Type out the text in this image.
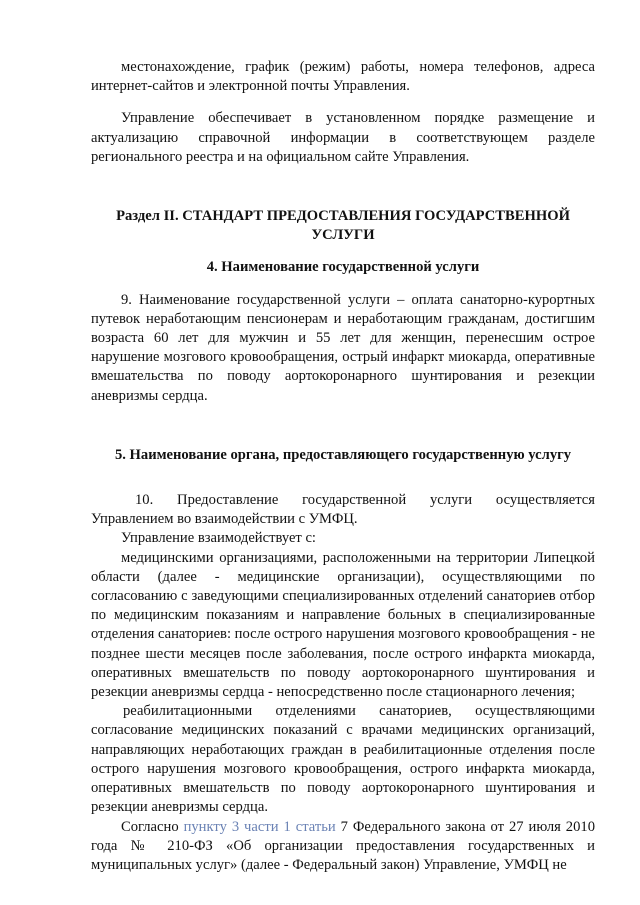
местонахождение, график (режим) работы, номера телефонов, адреса интернет-сайтов и электронной почты Управления.

Управление обеспечивает в установленном порядке размещение и актуализацию справочной информации в соответствующем разделе регионального реестра и на официальном сайте Управления.

Раздел II. СТАНДАРТ ПРЕДОСТАВЛЕНИЯ ГОСУДАРСТВЕННОЙ УСЛУГИ
4. Наименование государственной услуги

9. Наименование государственной услуги – оплата санаторно-курортных путевок неработающим пенсионерам и неработающим гражданам, достигшим возраста 60 лет для мужчин и 55 лет для женщин, перенесшим острое нарушение мозгового кровообращения, острый инфаркт миокарда, оперативные вмешательства по поводу аортокоронарного шунтирования и резекции аневризмы сердца.

5. Наименование органа, предоставляющего государственную услугу

10. Предоставление государственной услуги осуществляется Управлением во взаимодействии с УМФЦ.

Управление взаимодействует с:

медицинскими организациями, расположенными на территории Липецкой области (далее - медицинские организации), осуществляющими по согласованию с заведующими специализированных отделений санаториев отбор по медицинским показаниям и направление больных в специализированные отделения санаториев: после острого нарушения мозгового кровообращения - не позднее шести месяцев после заболевания, после острого инфаркта миокарда, оперативных вмешательств по поводу аортокоронарного шунтирования и резекции аневризмы сердца - непосредственно после стационарного лечения;

реабилитационными отделениями санаториев, осуществляющими согласование медицинских показаний с врачами медицинских организаций, направляющих неработающих граждан в реабилитационные отделения после острого нарушения мозгового кровообращения, острого инфаркта миокарда, оперативных вмешательств по поводу аортокоронарного шунтирования и резекции аневризмы сердца.

Согласно пункту 3 части 1 статьи 7 Федерального закона от 27 июля 2010 года № 210-ФЗ «Об организации предоставления государственных и муниципальных услуг» (далее - Федеральный закон) Управление, УМФЦ не
